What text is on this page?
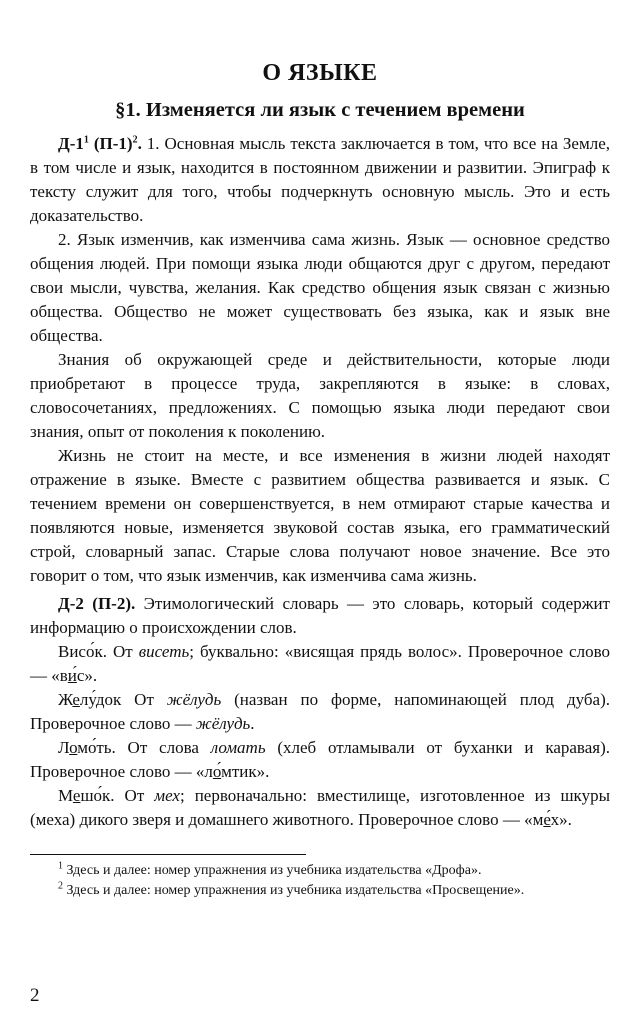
О ЯЗЫКЕ
§1. Изменяется ли язык с течением времени

$Д-1^1$ $(П-1)^2$. 1. Основная мысль текста заключается в том, что все на Земле, в том числе и язык, находится в постоянном движении и развитии. Эпиграф к тексту служит для того, чтобы подчеркнуть основную мысль. Это и есть доказательство.

2. Язык изменчив, как изменчива сама жизнь. Язык — основное средство общения людей. При помощи языка люди общаются друг с другом, передают свои мысли, чувства, желания. Как средство общения язык связан с жизнью общества. Общество не может существовать без языка, как и язык вне общества.

Знания об окружающей среде и действительности, которые люди приобретают в процессе труда, закрепляются в языке: в словах, словосочетаниях, предложениях. С помощью языка люди передают свои знания, опыт от поколения к поколению.

Жизнь не стоит на месте, и все изменения в жизни людей находят отражение в языке. Вместе с развитием общества развивается и язык. С течением времени он совершенствуется, в нем отмирают старые качества и появляются новые, изменяется звуковой состав языка, его грамматический строй, словарный запас. Старые слова получают новое значение. Все это говорит о том, что язык изменчив, как изменчива сама жизнь.

Д-2 (П-2). Этимологический словарь — это словарь, который содержит информацию о происхождении слов.

Висо́к. От висеть; буквально: «висящая прядь волос». Проверочное слово — «ви́с».

Желу́док От жёлудь (назван по форме, напоминающей плод дуба). Проверочное слово — жёлудь.

Ломо́ть. От слова ломать (хлеб отламывали от буханки и каравая). Проверочное слово — «ло́мтик».

Мешо́к. От мех; первоначально: вместилище, изготовленное из шкуры (меха) дикого зверя и домашнего животного. Проверочное слово — «ме́х».

$^1$ Здесь и далее: номер упражнения из учебника издательства «Дрофа».

$^2$ Здесь и далее: номер упражнения из учебника издательства «Просвещение».

2
